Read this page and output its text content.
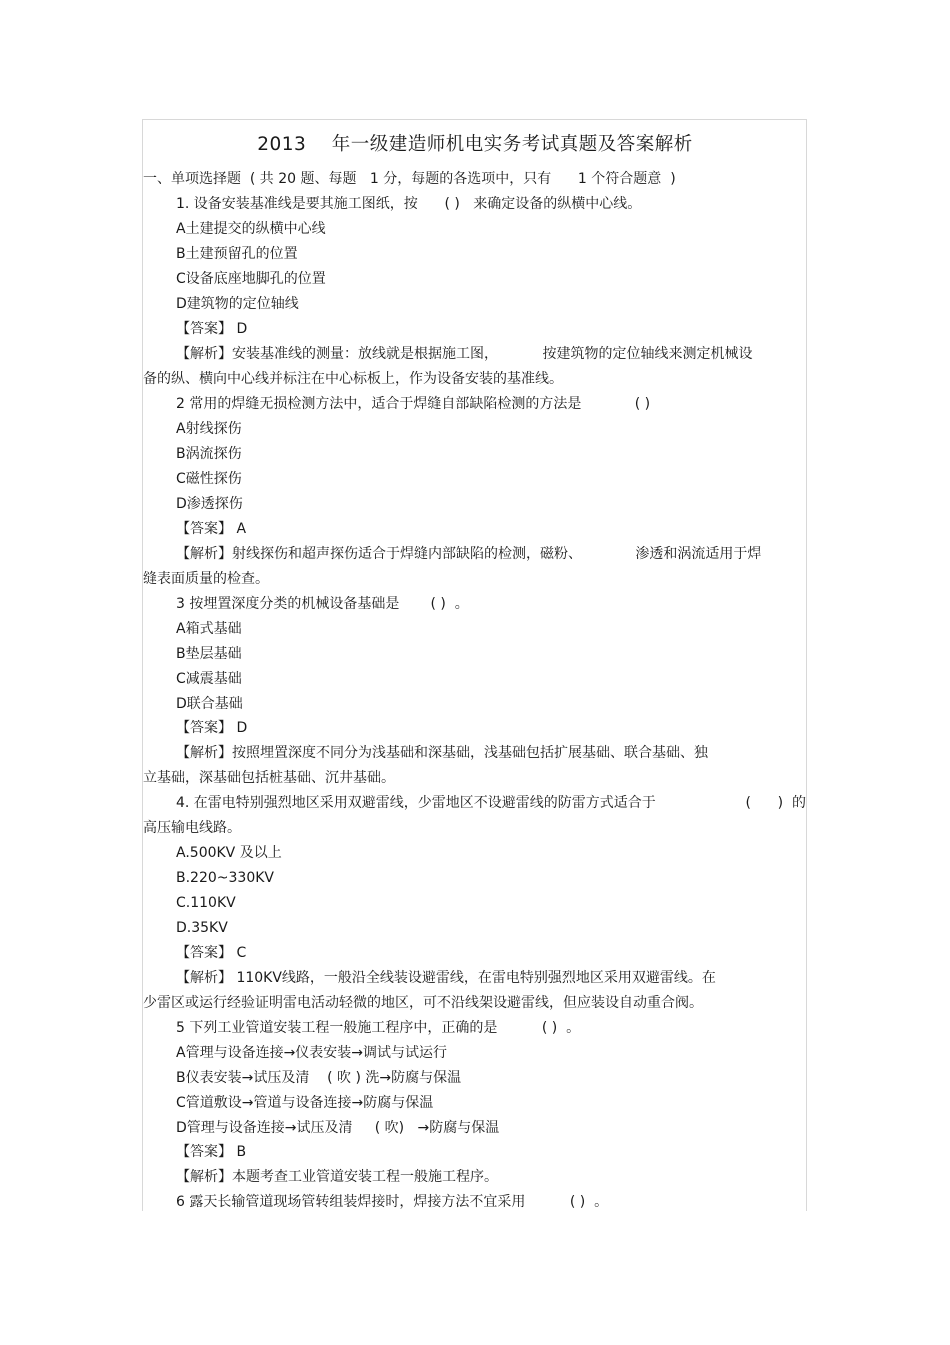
2013    年一级建造师机电实务考试真题及答案解析
一、单项选择题  ( 共 20 题、每题   1 分，每题的各选项中，只有      1 个符合题意  )
1. 设备安装基准线是要其施工图纸，按      ( )   来确定设备的纵横中心线。
A土建提交的纵横中心线
B土建预留孔的位置
C设备底座地脚孔的位置
D建筑物的定位轴线
【答案】 D
【解析】安装基准线的测量：放线就是根据施工图，          按建筑物的定位轴线来测定机械设
备的纵、横向中心线并标注在中心标板上，作为设备安装的基准线。
2 常用的焊缝无损检测方法中，适合于焊缝自部缺陷检测的方法是            ( )
A射线探伤
B涡流探伤
C磁性探伤
D渗透探伤
【答案】 A
【解析】射线探伤和超声探伤适合于焊缝内部缺陷的检测，磁粉、            渗透和涡流适用于焊
缝表面质量的检查。
3 按埋置深度分类的机械设备基础是       ( )  。
A箱式基础
B垫层基础
C减震基础
D联合基础
【答案】 D
【解析】按照埋置深度不同分为浅基础和深基础，浅基础包括扩展基础、联合基础、独
立基础，深基础包括桩基础、沉井基础。
4. 在雷电特别强烈地区采用双避雷线，少雷地区不设避雷线的防雷方式适合于	(      )  的
高压输电线路。
A.500KV 及以上
B.220~330KV
C.110KV
D.35KV
【答案】 C
【解析】 110KV线路，一般沿全线装设避雷线，在雷电特别强烈地区采用双避雷线。在
少雷区或运行经验证明雷电活动轻微的地区，可不沿线架设避雷线，但应装设自动重合阀。
5 下列工业管道安装工程一般施工程序中，正确的是          ( )  。
A管理与设备连接→仪表安装→调试与试运行
B仪表安装→试压及清    ( 吹 ) 洗→防腐与保温
C管道敷设→管道与设备连接→防腐与保温
D管理与设备连接→试压及清     ( 吹)   →防腐与保温
【答案】 B
【解析】本题考查工业管道安装工程一般施工程序。
6 露天长输管道现场管转组装焊接时，焊接方法不宜采用          ( )  。
